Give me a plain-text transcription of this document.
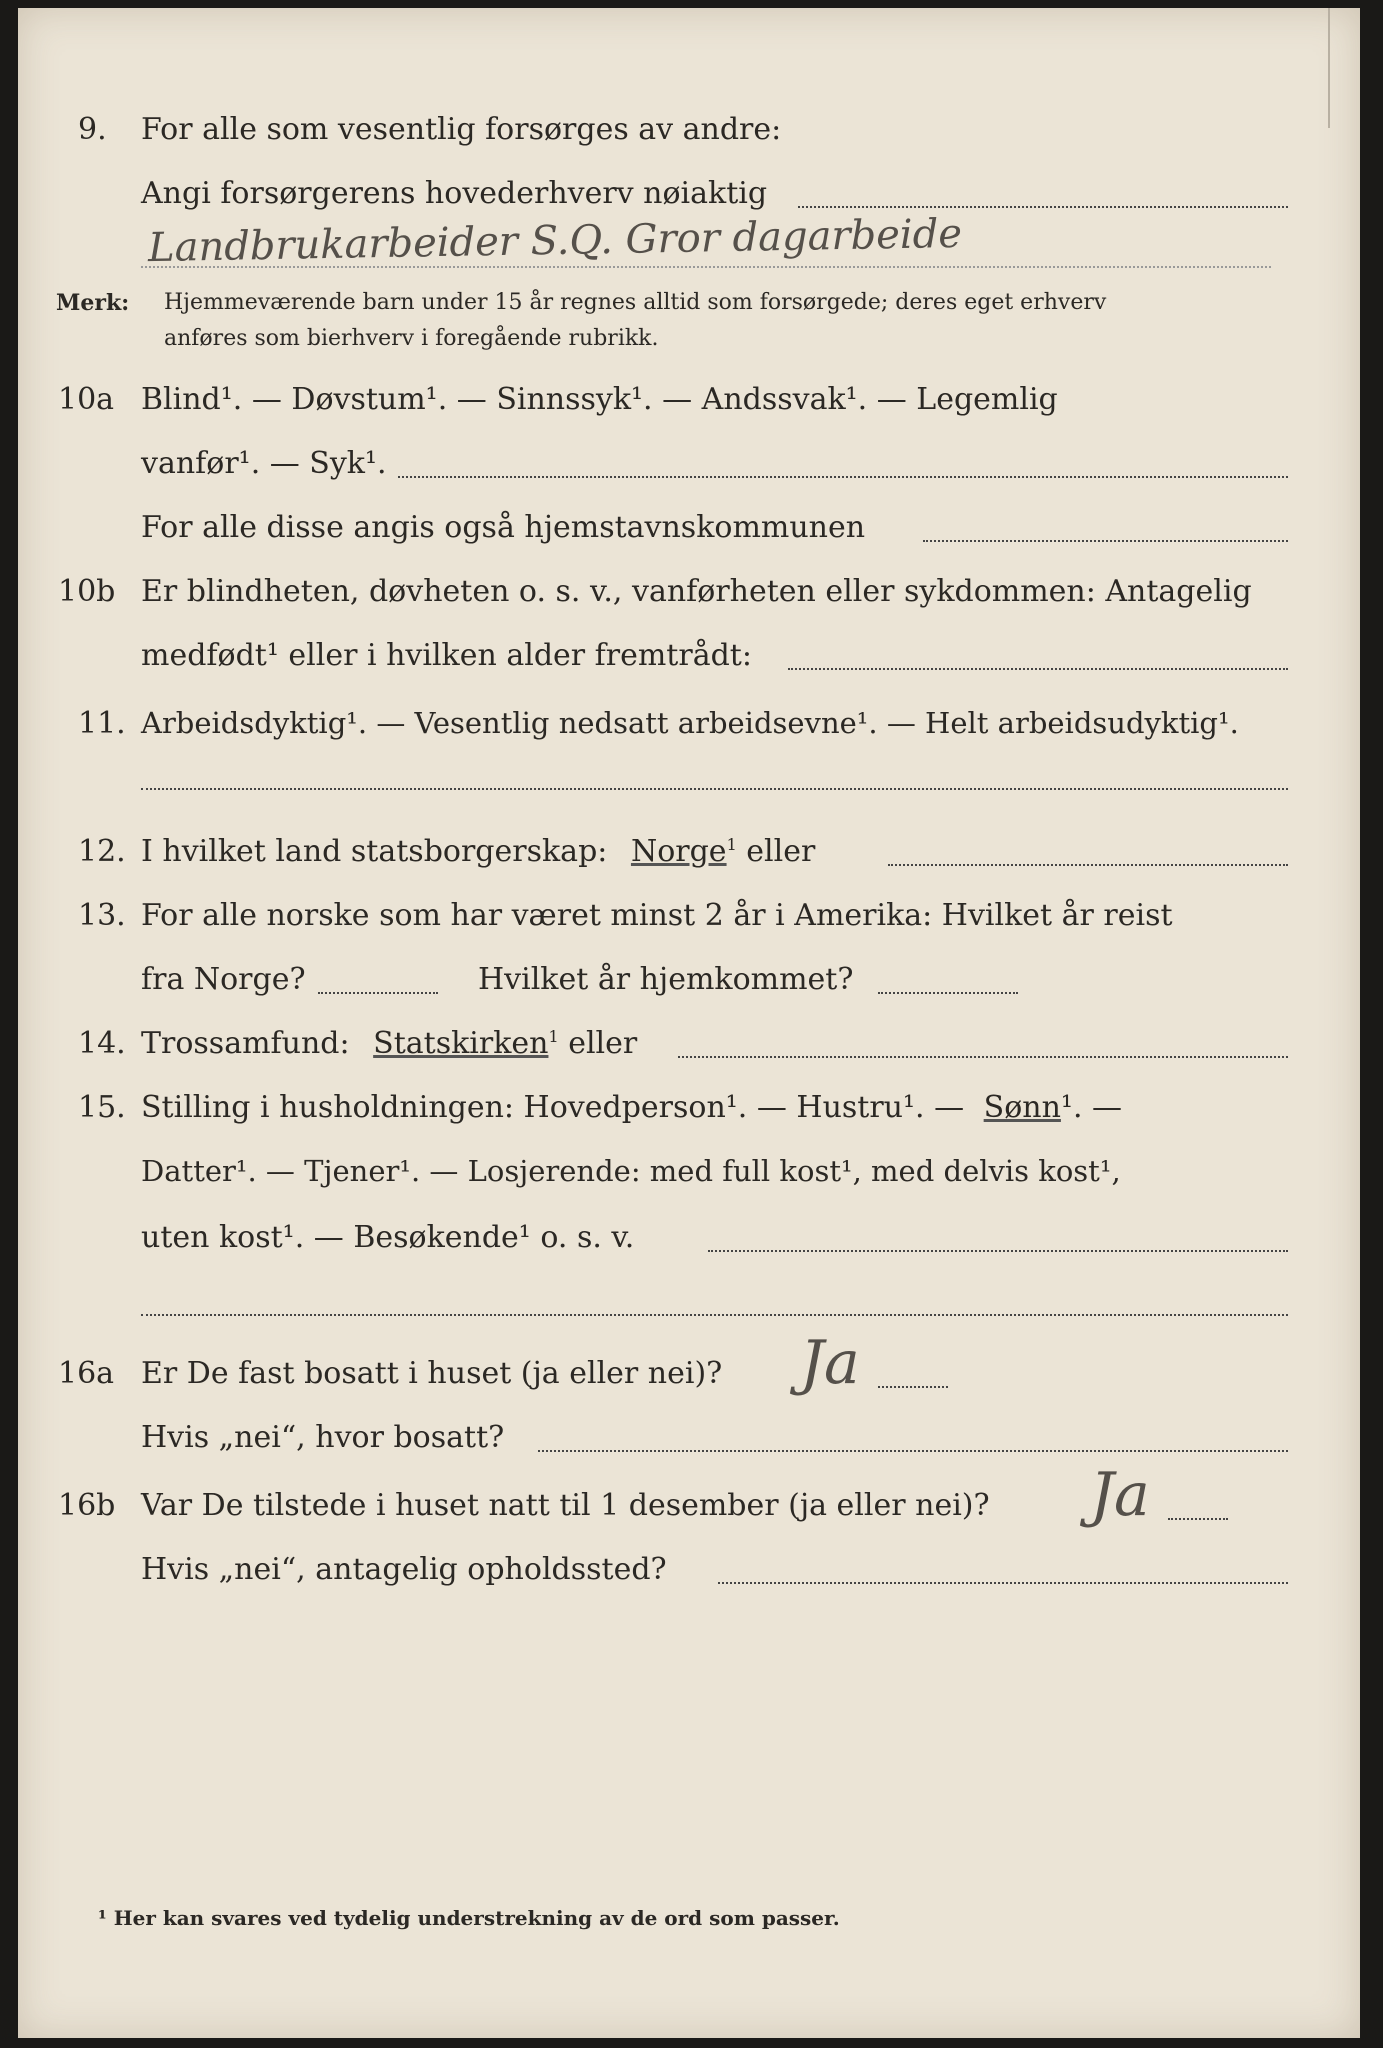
9. For alle som vesentlig forsørges av andre:
Angi forsørgerens hovederhverv nøiaktig
Landbrukarbeider S.Q. Gror dagarbeide
Merk: Hjemmeværende barn under 15 år regnes alltid som forsørgede; deres eget erhverv
anføres som bierhverv i foregående rubrikk.
10a Blind¹. — Døvstum¹. — Sinnssyk¹. — Andssvak¹. — Legemlig
vanfør¹. — Syk¹.
For alle disse angis også hjemstavnskommunen
10b Er blindheten, døvheten o. s. v., vanførheten eller sykdommen: Antagelig
medfødt¹ eller i hvilken alder fremtrådt:
11. Arbeidsdyktig¹. — Vesentlig nedsatt arbeidsevne¹. — Helt arbeidsudyktig¹.
12. I hvilket land statsborgerskap: Norge$^1$ eller
13. For alle norske som har været minst 2 år i Amerika: Hvilket år reist
fra Norge?	Hvilket år hjemkommet?
14. Trossamfund: Statskirken$^1$ eller
15. Stilling i husholdningen: Hovedperson¹. — Hustru¹. — Sønn¹. —
Datter¹. — Tjener¹. — Losjerende: med full kost¹, med delvis kost¹,
uten kost¹. — Besøkende¹ o. s. v.
16a Er De fast bosatt i huset (ja eller nei)? Ja
Hvis „nei“, hvor bosatt?
16b Var De tilstede i huset natt til 1 desember (ja eller nei)? Ja
Hvis „nei“, antagelig opholdssted?
¹ Her kan svares ved tydelig understrekning av de ord som passer.
